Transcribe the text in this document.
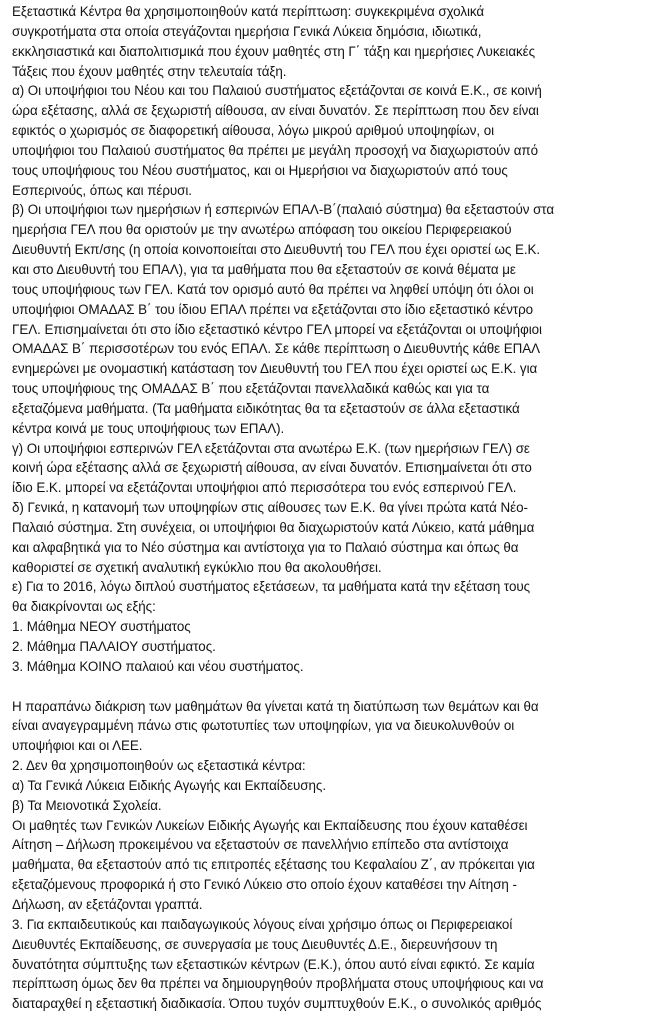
Εξεταστικά Κέντρα θα χρησιμοποιηθούν κατά περίπτωση: συγκεκριμένα σχολικά
συγκροτήματα στα οποία στεγάζονται ημερήσια Γενικά Λύκεια δημόσια, ιδιωτικά,
εκκλησιαστικά και διαπολιτισμικά που έχουν μαθητές στη Γ΄ τάξη και ημερήσιες Λυκειακές
Τάξεις που έχουν μαθητές στην τελευταία τάξη.
α) Οι υποψήφιοι του Νέου και του Παλαιού συστήματος εξετάζονται σε κοινά Ε.Κ., σε κοινή
ώρα εξέτασης, αλλά σε ξεχωριστή αίθουσα, αν είναι δυνατόν. Σε περίπτωση που δεν είναι
εφικτός ο χωρισμός σε διαφορετική αίθουσα, λόγω μικρού αριθμού υποψηφίων, οι
υποψήφιοι του Παλαιού συστήματος θα πρέπει με μεγάλη προσοχή να διαχωριστούν από
τους υποψήφιους του Νέου συστήματος, και οι Ημερήσιοι να διαχωριστούν από τους
Εσπερινούς, όπως και πέρυσι.
β) Οι υποψήφιοι των ημερήσιων ή εσπερινών ΕΠΑΛ-Β΄(παλαιό σύστημα) θα εξεταστούν στα
ημερήσια ΓΕΛ που θα οριστούν με την ανωτέρω απόφαση του οικείου Περιφερειακού
Διευθυντή Εκπ/σης (η οποία κοινοποιείται στο Διευθυντή του ΓΕΛ που έχει οριστεί ως Ε.Κ.
και στο Διευθυντή του ΕΠΑΛ), για τα μαθήματα που θα εξεταστούν σε κοινά θέματα με
τους υποψήφιους των ΓΕΛ. Κατά τον ορισμό αυτό θα πρέπει να ληφθεί υπόψη ότι όλοι οι
υποψήφιοι ΟΜΑΔΑΣ Β΄ του ίδιου ΕΠΑΛ πρέπει να εξετάζονται στο ίδιο εξεταστικό κέντρο
ΓΕΛ. Επισημαίνεται ότι στο ίδιο εξεταστικό κέντρο ΓΕΛ μπορεί να εξετάζονται οι υποψήφιοι
ΟΜΑΔΑΣ Β΄ περισσοτέρων του ενός ΕΠΑΛ. Σε κάθε περίπτωση ο Διευθυντής κάθε ΕΠΑΛ
ενημερώνει με ονομαστική κατάσταση τον Διευθυντή του ΓΕΛ που έχει οριστεί ως Ε.Κ. για
τους υποψήφιους της ΟΜΑΔΑΣ Β΄ που εξετάζονται πανελλαδικά καθώς και για τα
εξεταζόμενα μαθήματα. (Τα μαθήματα ειδικότητας θα τα εξεταστούν σε άλλα εξεταστικά
κέντρα κοινά με τους υποψήφιους των ΕΠΑΛ).
γ) Οι υποψήφιοι εσπερινών ΓΕΛ εξετάζονται στα ανωτέρω Ε.Κ. (των ημερήσιων ΓΕΛ) σε
κοινή ώρα εξέτασης αλλά σε ξεχωριστή αίθουσα, αν είναι δυνατόν. Επισημαίνεται ότι στο
ίδιο Ε.Κ. μπορεί να εξετάζονται υποψήφιοι από περισσότερα του ενός εσπερινού ΓΕΛ.
δ) Γενικά, η κατανομή των υποψηφίων στις αίθουσες των Ε.Κ. θα γίνει πρώτα κατά Νέο-
Παλαιό σύστημα. Στη συνέχεια, οι υποψήφιοι θα διαχωριστούν κατά Λύκειο, κατά μάθημα
και αλφαβητικά για το Νέο σύστημα και αντίστοιχα για το Παλαιό σύστημα και όπως θα
καθοριστεί σε σχετική αναλυτική εγκύκλιο που θα ακολουθήσει.
ε) Για το 2016, λόγω διπλού συστήματος εξετάσεων, τα μαθήματα κατά την εξέταση τους
θα διακρίνονται ως εξής:
1. Μάθημα ΝΕΟΥ συστήματος
2. Μάθημα ΠΑΛΑΙΟΥ συστήματος.
3. Μάθημα ΚΟΙΝΟ παλαιού και νέου συστήματος.
Η παραπάνω διάκριση των μαθημάτων θα γίνεται κατά τη διατύπωση των θεμάτων και θα
είναι αναγεγραμμένη πάνω στις φωτοτυπίες των υποψηφίων, για να διευκολυνθούν οι
υποψήφιοι και οι ΛΕΕ.
2. Δεν θα χρησιμοποιηθούν ως εξεταστικά κέντρα:
α) Τα Γενικά Λύκεια Ειδικής Αγωγής και Εκπαίδευσης.
β) Τα Μειονοτικά Σχολεία.
Οι μαθητές των Γενικών Λυκείων Ειδικής Αγωγής και Εκπαίδευσης που έχουν καταθέσει
Αίτηση – Δήλωση προκειμένου να εξεταστούν σε πανελλήνιο επίπεδο στα αντίστοιχα
μαθήματα, θα εξεταστούν από τις επιτροπές εξέτασης του Κεφαλαίου Ζ΄, αν πρόκειται για
εξεταζόμενους προφορικά ή στο Γενικό Λύκειο στο οποίο έχουν καταθέσει την Αίτηση -
Δήλωση, αν εξετάζονται γραπτά.
3. Για εκπαιδευτικούς και παιδαγωγικούς λόγους είναι χρήσιμο όπως οι Περιφερειακοί
Διευθυντές Εκπαίδευσης, σε συνεργασία με τους Διευθυντές Δ.Ε., διερευνήσουν τη
δυνατότητα σύμπτυξης των εξεταστικών κέντρων (Ε.Κ.), όπου αυτό είναι εφικτό. Σε καμία
περίπτωση όμως δεν θα πρέπει να δημιουργηθούν προβλήματα στους υποψήφιους και να
διαταραχθεί η εξεταστική διαδικασία. Όπου τυχόν συμπτυχθούν Ε.Κ., ο συνολικός αριθμός
